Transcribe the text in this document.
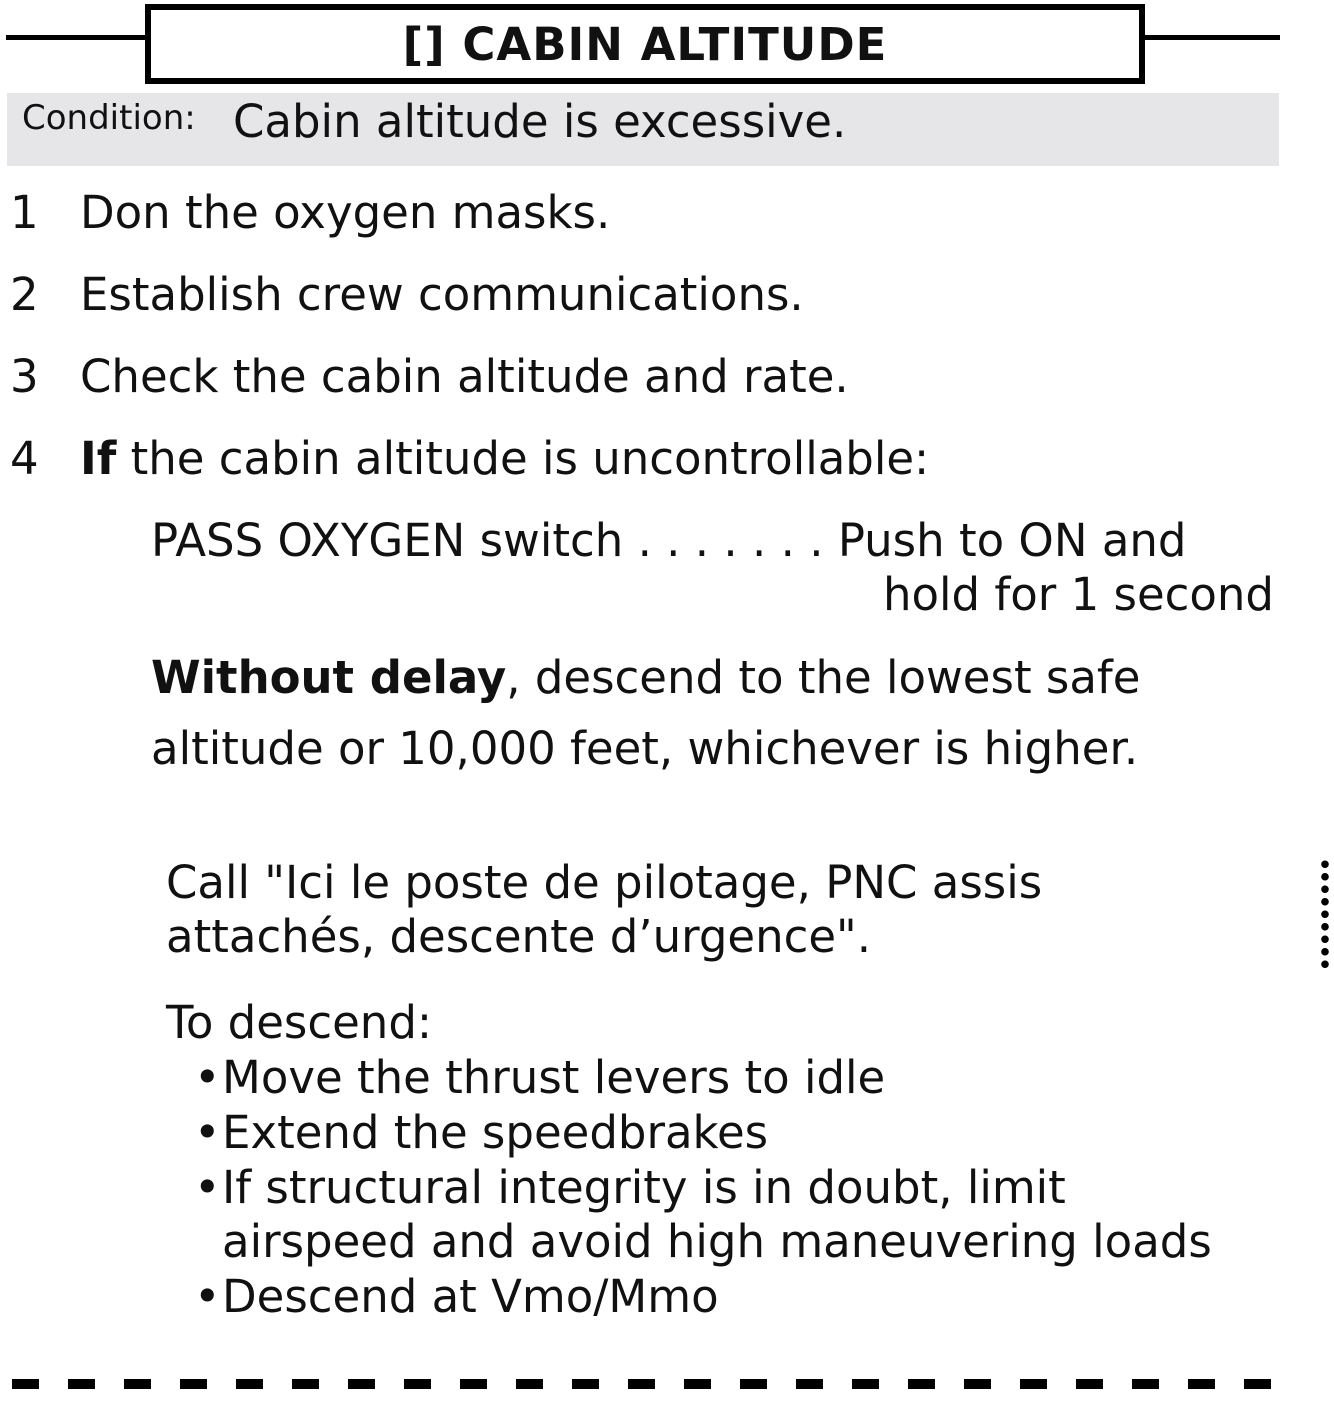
[] CABIN ALTITUDE
Condition: Cabin altitude is excessive.
1 Don the oxygen masks.
2 Establish crew communications.
3 Check the cabin altitude and rate.
4 If the cabin altitude is uncontrollable:
PASS OXYGEN switch . . . . . . . Push to ON and
hold for 1 second
Without delay, descend to the lowest safe
altitude or 10,000 feet, whichever is higher.
Call "Ici le poste de pilotage, PNC assis
attachés, descente d’urgence".
To descend:
• Move the thrust levers to idle
• Extend the speedbrakes
• If structural integrity is in doubt, limit
airspeed and avoid high maneuvering loads
• Descend at Vmo/Mmo
